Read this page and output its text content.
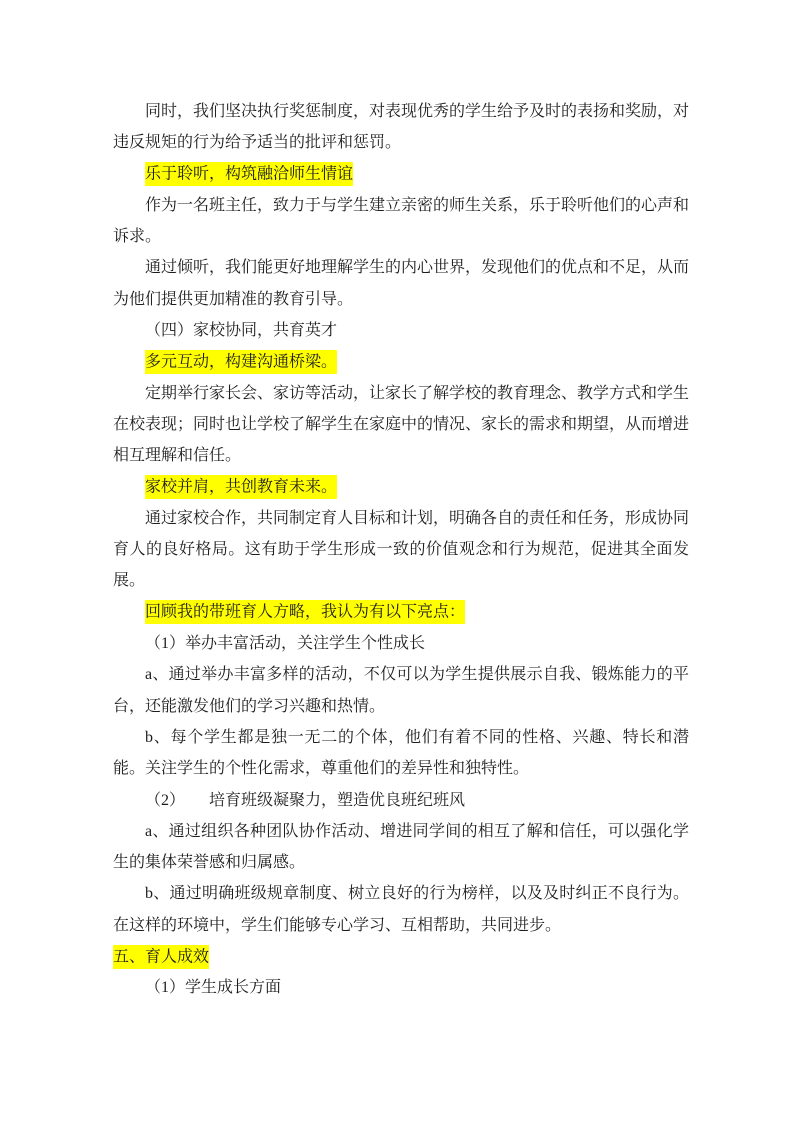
同时，我们坚决执行奖惩制度，对表现优秀的学生给予及时的表扬和奖励，对违反规矩的行为给予适当的批评和惩罚。

乐于聆听，构筑融洽师生情谊

作为一名班主任，致力于与学生建立亲密的师生关系，乐于聆听他们的心声和诉求。

通过倾听，我们能更好地理解学生的内心世界，发现他们的优点和不足，从而为他们提供更加精准的教育引导。

（四）家校协同，共育英才

多元互动，构建沟通桥梁。

定期举行家长会、家访等活动，让家长了解学校的教育理念、教学方式和学生在校表现；同时也让学校了解学生在家庭中的情况、家长的需求和期望，从而增进相互理解和信任。

家校并肩，共创教育未来。

通过家校合作，共同制定育人目标和计划，明确各自的责任和任务，形成协同育人的良好格局。这有助于学生形成一致的价值观念和行为规范，促进其全面发展。

回顾我的带班育人方略，我认为有以下亮点：

（1）举办丰富活动，关注学生个性成长

a、通过举办丰富多样的活动，不仅可以为学生提供展示自我、锻炼能力的平台，还能激发他们的学习兴趣和热情。

b、每个学生都是独一无二的个体，他们有着不同的性格、兴趣、特长和潜能。关注学生的个性化需求，尊重他们的差异性和独特性。

（2）　　培育班级凝聚力，塑造优良班纪班风

a、通过组织各种团队协作活动、增进同学间的相互了解和信任，可以强化学生的集体荣誉感和归属感。

b、通过明确班级规章制度、树立良好的行为榜样，以及及时纠正不良行为。在这样的环境中，学生们能够专心学习、互相帮助，共同进步。

五、育人成效

（1）学生成长方面
